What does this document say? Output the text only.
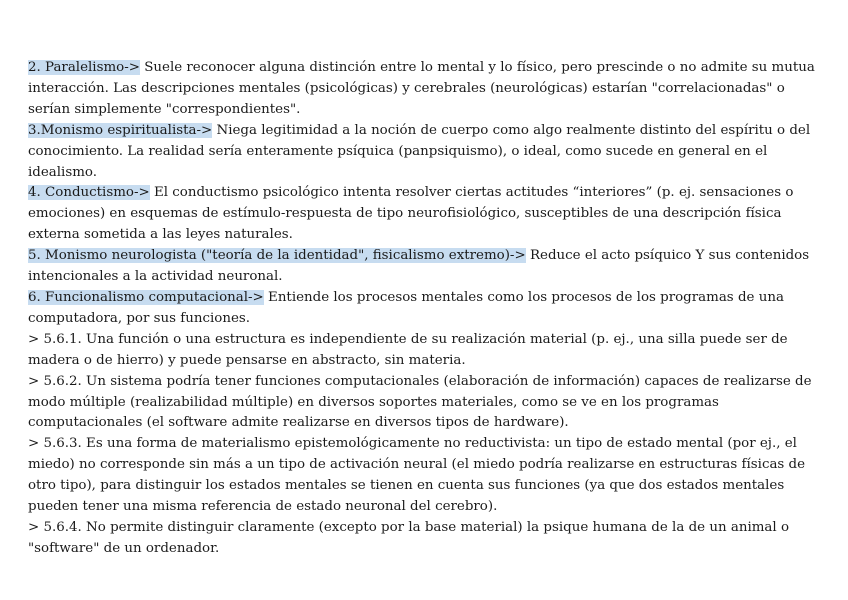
2. Paralelismo-> Suele reconocer alguna distinción entre lo mental y lo físico, pero prescinde o no admite su mutua interacción. Las descripciones mentales (psicológicas) y cerebrales (neurológicas) estarían "correlacionadas" o serían simplemente "correspondientes".

3.Monismo espiritualista-> Niega legitimidad a la noción de cuerpo como algo realmente distinto del espíritu o del conocimiento. La realidad sería enteramente psíquica (panpsiquismo), o ideal, como sucede en general en el idealismo.

4. Conductismo-> El conductismo psicológico intenta resolver ciertas actitudes “interiores” (p. ej. sensaciones o emociones) en esquemas de estímulo-respuesta de tipo neurofisiológico, susceptibles de una descripción física externa sometida a las leyes naturales.

5. Monismo neurologista ("teoría de la identidad", fisicalismo extremo)-> Reduce el acto psíquico Y sus contenidos intencionales a la actividad neuronal.

6. Funcionalismo computacional-> Entiende los procesos mentales como los procesos de los programas de una computadora, por sus funciones.

> 5.6.1. Una función o una estructura es independiente de su realización material (p. ej., una silla puede ser de madera o de hierro) y puede pensarse en abstracto, sin materia.

> 5.6.2. Un sistema podría tener funciones computacionales (elaboración de información) capaces de realizarse de modo múltiple (realizabilidad múltiple) en diversos soportes materiales, como se ve en los programas computacionales (el software admite realizarse en diversos tipos de hardware).

> 5.6.3. Es una forma de materialismo epistemológicamente no reductivista: un tipo de estado mental (por ej., el miedo) no corresponde sin más a un tipo de activación neural (el miedo podría realizarse en estructuras físicas de otro tipo), para distinguir los estados mentales se tienen en cuenta sus funciones (ya que dos estados mentales pueden tener una misma referencia de estado neuronal del cerebro).

> 5.6.4. No permite distinguir claramente (excepto por la base material) la psique humana de la de un animal o "software" de un ordenador.
